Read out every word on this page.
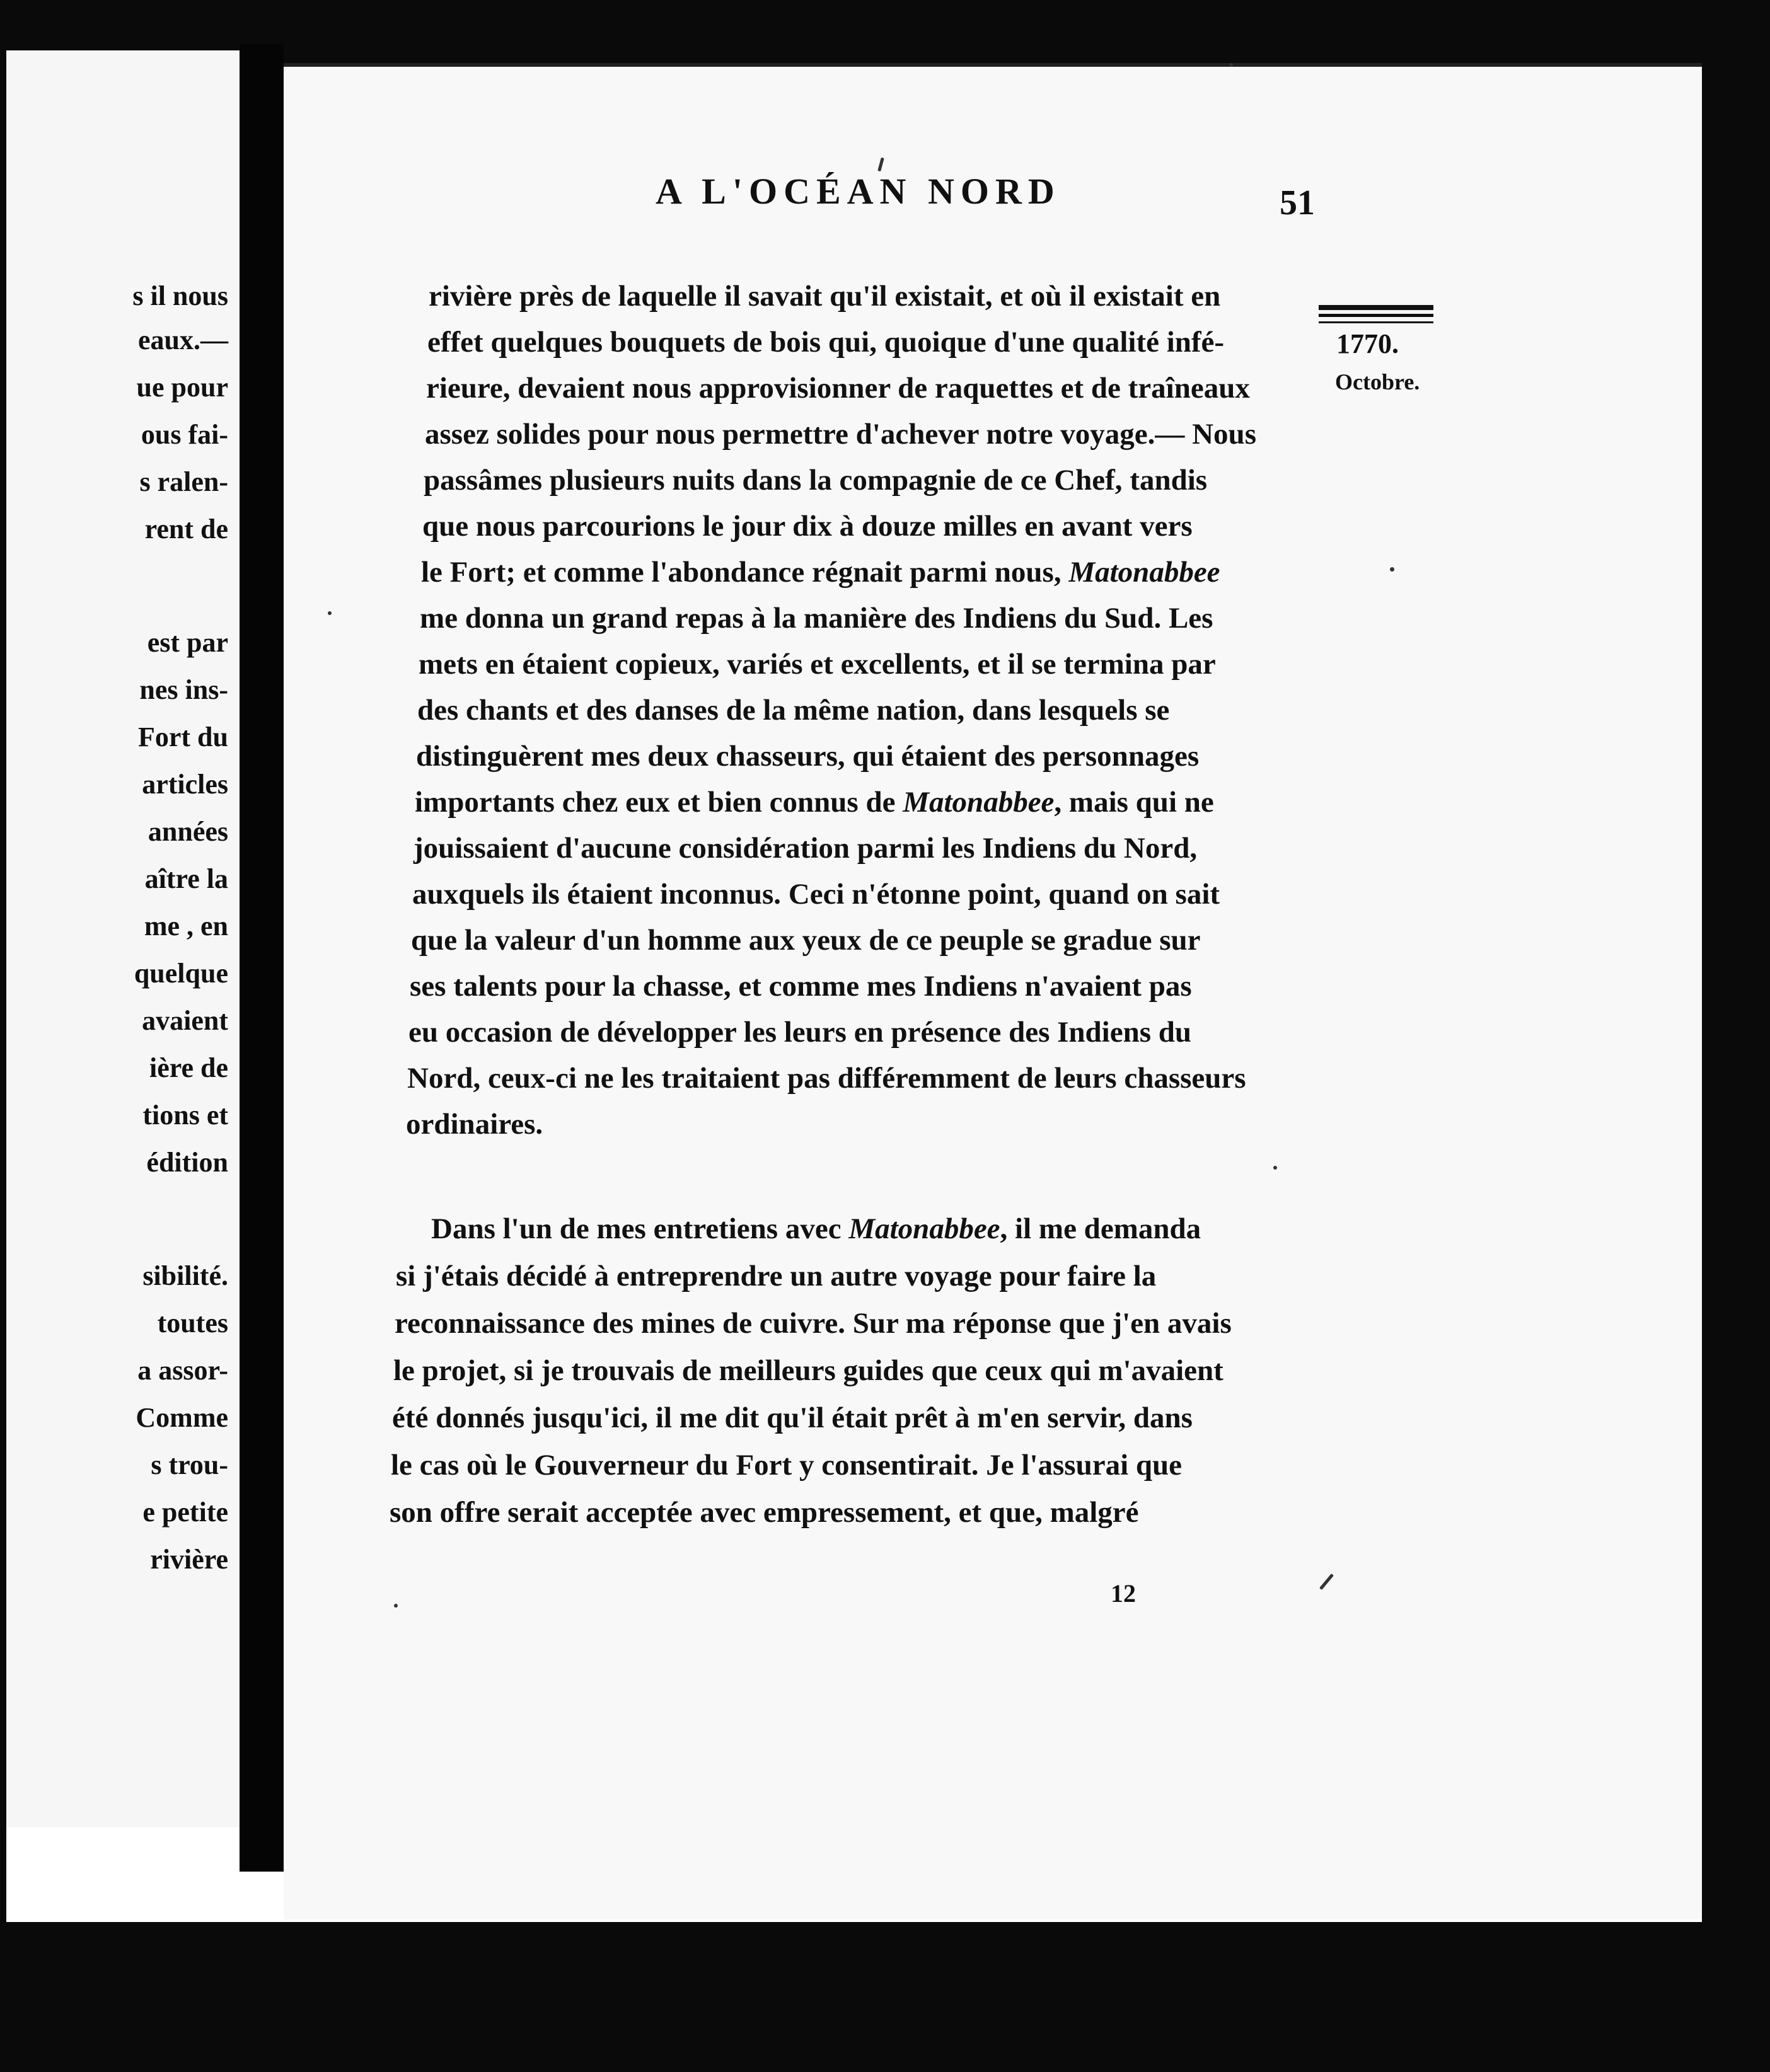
s il nous
eaux.—
ue pour
ous fai-
s ralen-
rent de
est par
nes ins-
Fort du
articles
années
aître la
me , en
quelque
avaient
ière de
tions et
édition
sibilité.
toutes
a assor-
Comme
s trou-
e petite
rivière
A L'OCÉAN NORD	51
1770.
Octobre.
rivière près de laquelle il savait qu'il existait, et où il existait en
effet quelques bouquets de bois qui, quoique d'une qualité infé-
rieure, devaient nous approvisionner de raquettes et de traîneaux
assez solides pour nous permettre d'achever notre voyage.— Nous
passâmes plusieurs nuits dans la compagnie de ce Chef, tandis
que nous parcourions le jour dix à douze milles en avant vers
le Fort; et comme l'abondance régnait parmi nous, Matonabbee
me donna un grand repas à la manière des Indiens du Sud. Les
mets en étaient copieux, variés et excellents, et il se termina par
des chants et des danses de la même nation, dans lesquels se
distinguèrent mes deux chasseurs, qui étaient des personnages
importants chez eux et bien connus de Matonabbee, mais qui ne
jouissaient d'aucune considération parmi les Indiens du Nord,
auxquels ils étaient inconnus. Ceci n'étonne point, quand on sait
que la valeur d'un homme aux yeux de ce peuple se gradue sur
ses talents pour la chasse, et comme mes Indiens n'avaient pas
eu occasion de développer les leurs en présence des Indiens du
Nord, ceux-ci ne les traitaient pas différemment de leurs chasseurs
ordinaires.
Dans l'un de mes entretiens avec Matonabbee, il me demanda
si j'étais décidé à entreprendre un autre voyage pour faire la
reconnaissance des mines de cuivre. Sur ma réponse que j'en avais
le projet, si je trouvais de meilleurs guides que ceux qui m'avaient
été donnés jusqu'ici, il me dit qu'il était prêt à m'en servir, dans
le cas où le Gouverneur du Fort y consentirait. Je l'assurai que
son offre serait acceptée avec empressement, et que, malgré
12
